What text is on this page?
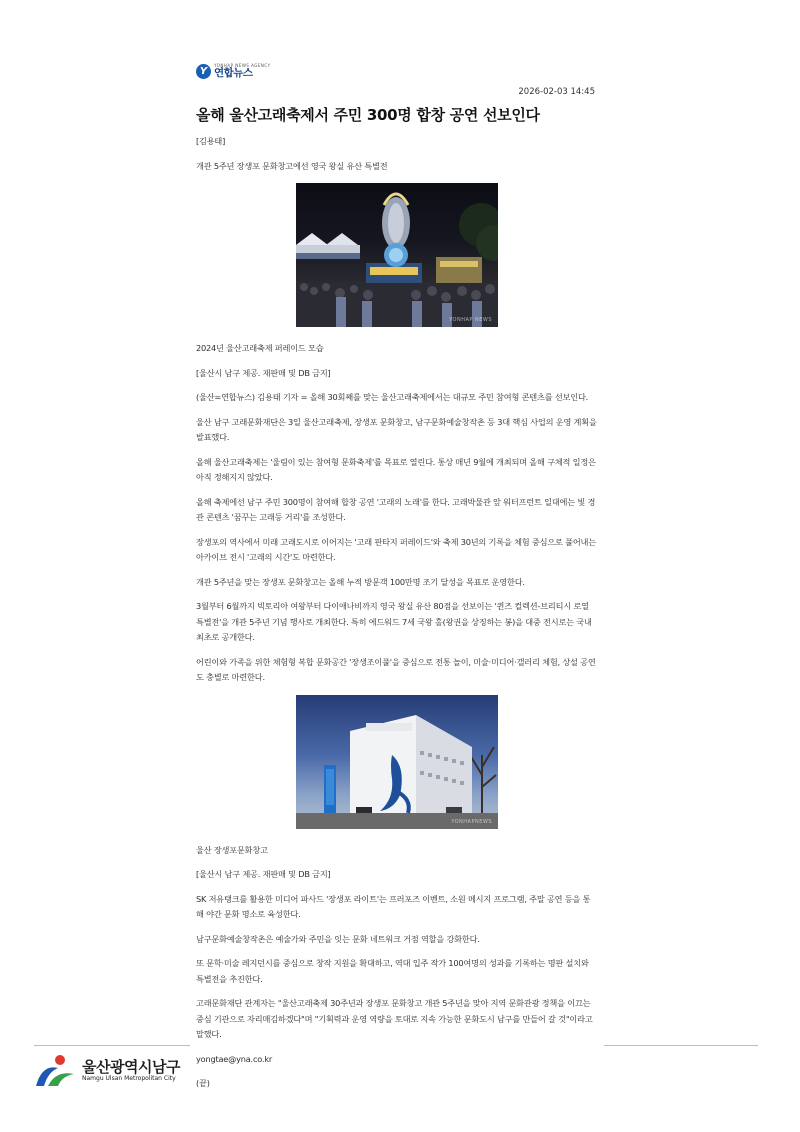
Y
YONHAP NEWS AGENCY
연합뉴스
2026-02-03 14:45
올해 울산고래축제서 주민 300명 합창 공연 선보인다

[김용태]

개관 5주년 장생포 문화창고에선 영국 왕실 유산 특별전

YONHAP NEWS

2024년 울산고래축제 퍼레이드 모습

[울산시 남구 제공. 재판매 및 DB 금지]

(울산=연합뉴스) 김용태 기자 = 올해 30회째를 맞는 울산고래축제에서는 대규모 주민 참여형 콘텐츠를 선보인다.

울산 남구 고래문화재단은 3일 울산고래축제, 장생포 문화창고, 남구문화예술창작촌 등 3대 핵심 사업의 운영 계획을 발표했다.

올해 울산고래축제는 '울림이 있는 참여형 문화축제'를 목표로 열린다. 통상 매년 9월에 개최되며 올해 구체적 일정은 아직 정해지지 않았다.

올해 축제에선 남구 주민 300명이 참여해 합창 공연 '고래의 노래'를 한다. 고래박물관 앞 워터프런트 일대에는 빛 경관 콘텐츠 '꿈꾸는 고래등 거리'를 조성한다.

장생포의 역사에서 미래 고래도시로 이어지는 '고래 판타지 퍼레이드'와 축제 30년의 기록을 체험 중심으로 풀어내는 아카이브 전시 '고래의 시간'도 마련한다.

개관 5주년을 맞는 장생포 문화창고는 올해 누적 방문객 100만명 조기 달성을 목표로 운영한다.

3월부터 6월까지 빅토리아 여왕부터 다이애나비까지 영국 왕실 유산 80점을 선보이는 '퀸즈 컬렉션-브리티시 로열 특별전'을 개관 5주년 기념 행사로 개최한다. 특히 에드워드 7세 국왕 홀(왕권을 상징하는 봉)을 대중 전시로는 국내 최초로 공개한다.

어린이와 가족을 위한 체험형 복합 문화공간 '장생조이풀'을 중심으로 전통 놀이, 미술·미디어·갤러리 체험, 상설 공연도 충별로 마련한다.

YONHAPNEWS

울산 장생포문화창고

[울산시 남구 제공. 재판매 및 DB 금지]

SK 저유탱크를 활용한 미디어 파사드 '장생포 라이트'는 프러포즈 이벤트, 소원 메시지 프로그램, 주말 공연 등을 통해 야간 문화 명소로 육성한다.

남구문화예술창작촌은 예술가와 주민을 잇는 문화 네트워크 거점 역할을 강화한다.

또 문학·미술 레지던시를 중심으로 창작 지원을 확대하고, 역대 입주 작가 100여명의 성과를 기록하는 명판 설치와 특별전을 추진한다.

고래문화재단 관계자는 "울산고래축제 30주년과 장생포 문화창고 개관 5주년을 맞아 지역 문화관광 정책을 이끄는 중심 기관으로 자리매김하겠다"며 "기획력과 운영 역량을 토대로 지속 가능한 문화도시 남구를 만들어 갈 것"이라고 말했다.

yongtae@yna.co.kr

(끝)

울산광역시남구
Namgu Ulsan Metropolitan City
